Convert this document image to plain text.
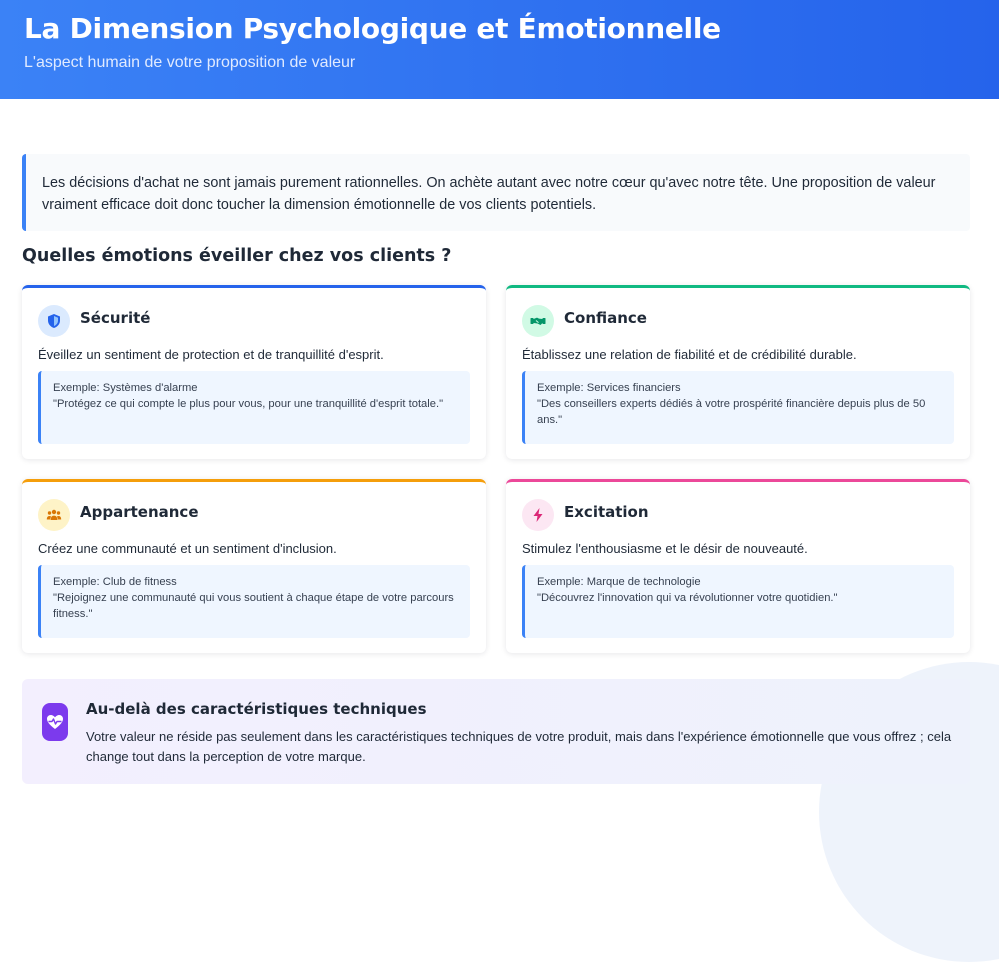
La Dimension Psychologique et Émotionnelle
L'aspect humain de votre proposition de valeur
Les décisions d'achat ne sont jamais purement rationnelles. On achète autant avec notre cœur qu'avec notre tête. Une proposition de valeur vraiment efficace doit donc toucher la dimension émotionnelle de vos clients potentiels.
Quelles émotions éveiller chez vos clients ?
Sécurité

Éveillez un sentiment de protection et de tranquillité d'esprit.

Exemple: Systèmes d'alarme
"Protégez ce qui compte le plus pour vous, pour une tranquillité d'esprit totale."
Confiance

Établissez une relation de fiabilité et de crédibilité durable.

Exemple: Services financiers
"Des conseillers experts dédiés à votre prospérité financière depuis plus de 50 ans."
Appartenance

Créez une communauté et un sentiment d'inclusion.

Exemple: Club de fitness
"Rejoignez une communauté qui vous soutient à chaque étape de votre parcours fitness."
Excitation

Stimulez l'enthousiasme et le désir de nouveauté.

Exemple: Marque de technologie
"Découvrez l'innovation qui va révolutionner votre quotidien."
Au-delà des caractéristiques techniques

Votre valeur ne réside pas seulement dans les caractéristiques techniques de votre produit, mais dans l'expérience émotionnelle que vous offrez ; cela change tout dans la perception de votre marque.
